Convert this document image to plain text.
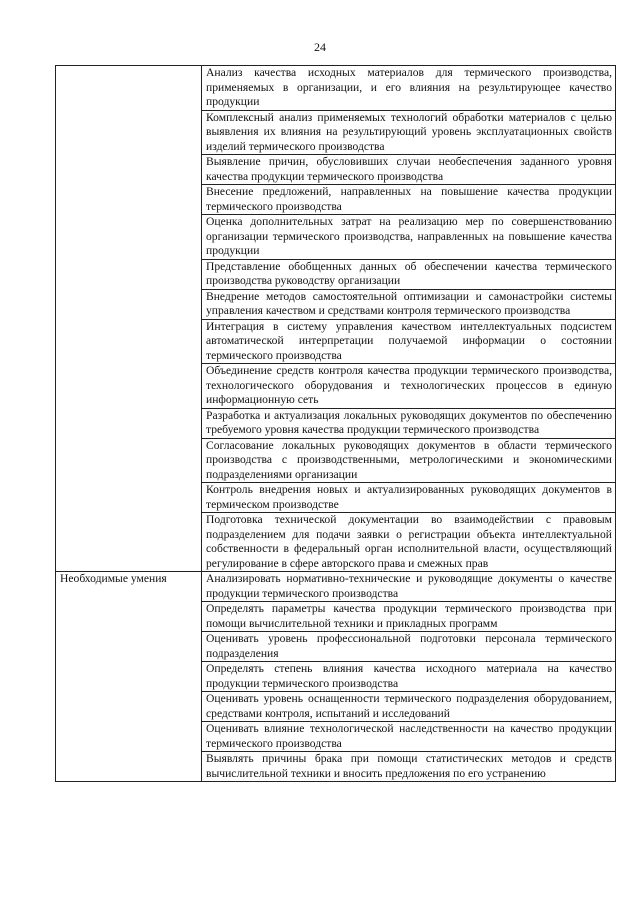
24
	Анализ качества исходных материалов для термического производства, применяемых в организации, и его влияния на результирующее качество продукции
	Комплексный анализ применяемых технологий обработки материалов с целью выявления их влияния на результирующий уровень эксплуатационных свойств изделий термического производства
	Выявление причин, обусловивших случаи необеспечения заданного уровня качества продукции термического производства
	Внесение предложений, направленных на повышение качества продукции термического производства
	Оценка дополнительных затрат на реализацию мер по совершенствованию организации термического производства, направленных на повышение качества продукции
	Представление обобщенных данных об обеспечении качества термического производства руководству организации
	Внедрение методов самостоятельной оптимизации и самонастройки системы управления качеством и средствами контроля термического производства
	Интеграция в систему управления качеством интеллектуальных подсистем автоматической интерпретации получаемой информации о состоянии термического производства
	Объединение средств контроля качества продукции термического производства, технологического оборудования и технологических процессов в единую информационную сеть
	Разработка и актуализация локальных руководящих документов по обеспечению требуемого уровня качества продукции термического производства
	Согласование локальных руководящих документов в области термического производства с производственными, метрологическими и экономическими подразделениями организации
	Контроль внедрения новых и актуализированных руководящих документов в термическом производстве
	Подготовка технической документации во взаимодействии с правовым подразделением для подачи заявки о регистрации объекта интеллектуальной собственности в федеральный орган исполнительной власти, осуществляющий регулирование в сфере авторского права и смежных прав
Необходимые умения	Анализировать нормативно-технические и руководящие документы о качестве продукции термического производства
	Определять параметры качества продукции термического производства при помощи вычислительной техники и прикладных программ
	Оценивать уровень профессиональной подготовки персонала термического подразделения
	Определять степень влияния качества исходного материала на качество продукции термического производства
	Оценивать уровень оснащенности термического подразделения оборудованием, средствами контроля, испытаний и исследований
	Оценивать влияние технологической наследственности на качество продукции термического производства
	Выявлять причины брака при помощи статистических методов и средств вычислительной техники и вносить предложения по его устранению
